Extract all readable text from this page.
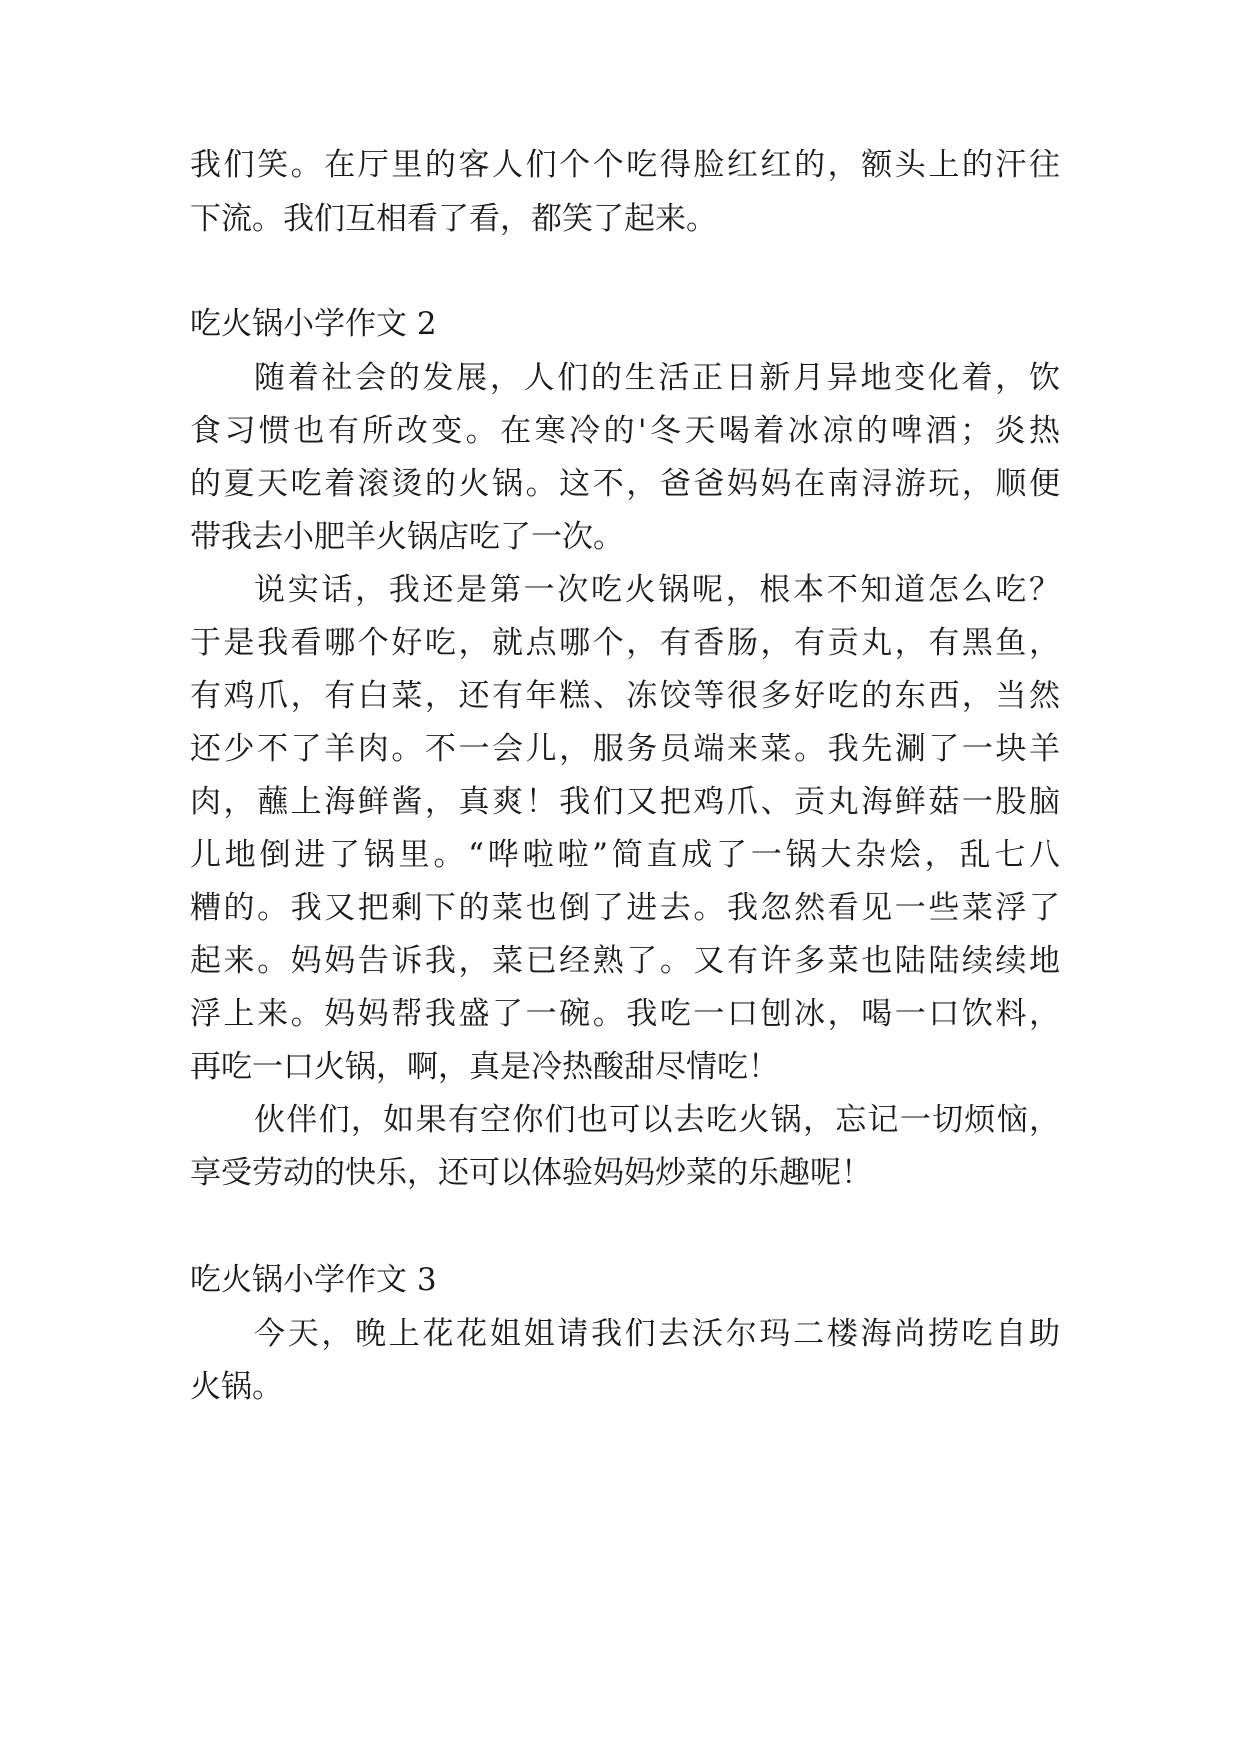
我们笑。在厅里的客人们个个吃得脸红红的，额头上的汗往

下流。我们互相看了看，都笑了起来。

吃火锅小学作文 2

随着社会的发展，人们的生活正日新月异地变化着，饮

食习惯也有所改变。在寒冷的'冬天喝着冰凉的啤酒；炎热

的夏天吃着滚烫的火锅。这不，爸爸妈妈在南浔游玩，顺便

带我去小肥羊火锅店吃了一次。

说实话，我还是第一次吃火锅呢，根本不知道怎么吃？

于是我看哪个好吃，就点哪个，有香肠，有贡丸，有黑鱼，

有鸡爪，有白菜，还有年糕、冻饺等很多好吃的东西，当然

还少不了羊肉。不一会儿，服务员端来菜。我先涮了一块羊

肉，蘸上海鲜酱，真爽！我们又把鸡爪、贡丸海鲜菇一股脑

儿地倒进了锅里。“哗啦啦”简直成了一锅大杂烩，乱七八

糟的。我又把剩下的菜也倒了进去。我忽然看见一些菜浮了

起来。妈妈告诉我，菜已经熟了。又有许多菜也陆陆续续地

浮上来。妈妈帮我盛了一碗。我吃一口刨冰，喝一口饮料，

再吃一口火锅，啊，真是冷热酸甜尽情吃！

伙伴们，如果有空你们也可以去吃火锅，忘记一切烦恼，

享受劳动的快乐，还可以体验妈妈炒菜的乐趣呢！

吃火锅小学作文 3

今天，晚上花花姐姐请我们去沃尔玛二楼海尚捞吃自助

火锅。
